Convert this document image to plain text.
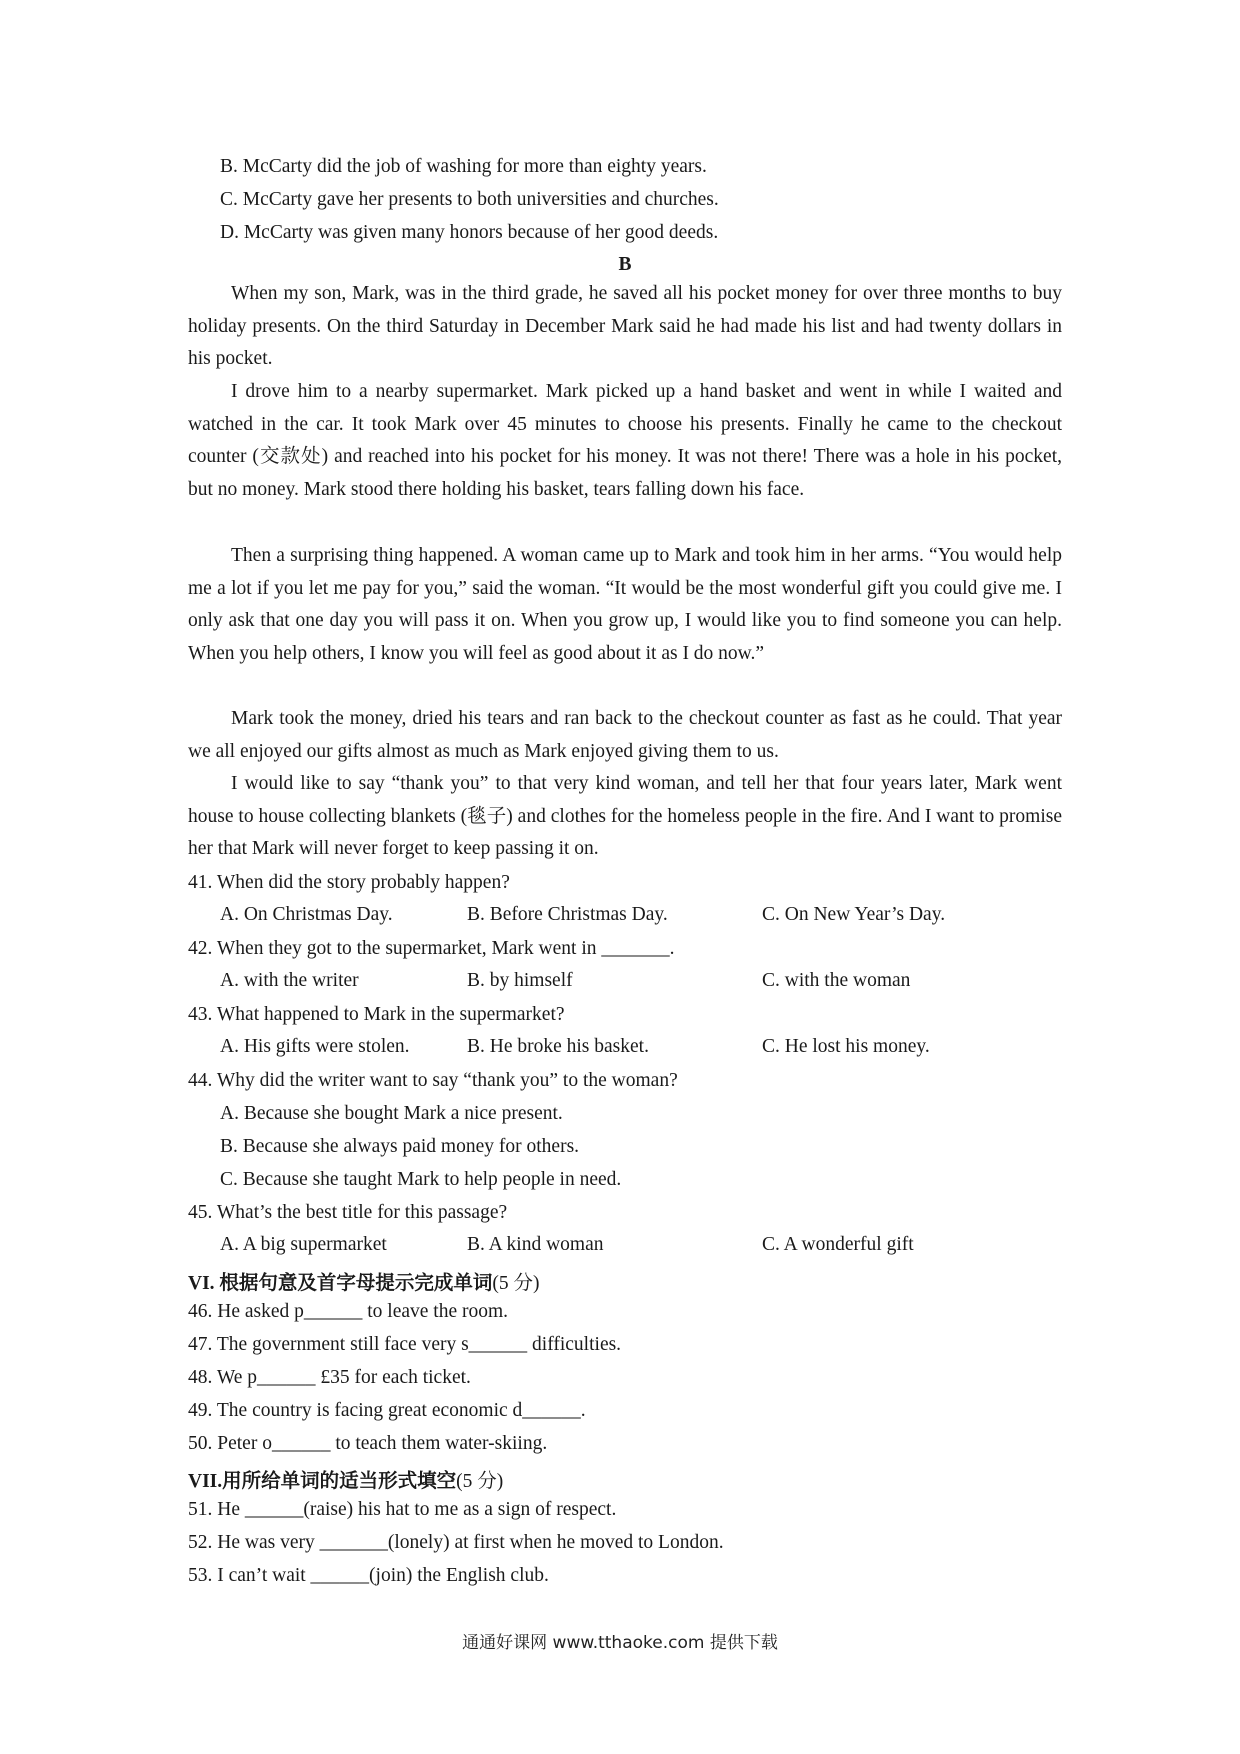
B. McCarty did the job of washing for more than eighty years.
C. McCarty gave her presents to both universities and churches.
D. McCarty was given many honors because of her good deeds.
B
When my son, Mark, was in the third grade, he saved all his pocket money for over three months to buy holiday presents. On the third Saturday in December Mark said he had made his list and had twenty dollars in his pocket.
I drove him to a nearby supermarket. Mark picked up a hand basket and went in while I waited and watched in the car. It took Mark over 45 minutes to choose his presents. Finally he came to the checkout counter (交款处) and reached into his pocket for his money. It was not there! There was a hole in his pocket, but no money. Mark stood there holding his basket, tears falling down his face.
Then a surprising thing happened. A woman came up to Mark and took him in her arms. “You would help me a lot if you let me pay for you,” said the woman. “It would be the most wonderful gift you could give me. I only ask that one day you will pass it on. When you grow up, I would like you to find someone you can help. When you help others, I know you will feel as good about it as I do now.”
Mark took the money, dried his tears and ran back to the checkout counter as fast as he could. That year we all enjoyed our gifts almost as much as Mark enjoyed giving them to us.
I would like to say “thank you” to that very kind woman, and tell her that four years later, Mark went house to house collecting blankets (毯子) and clothes for the homeless people in the fire. And I want to promise her that Mark will never forget to keep passing it on.
41. When did the story probably happen?
A. On Christmas Day.	B. Before Christmas Day.	C. On New Year’s Day.
42. When they got to the supermarket, Mark went in _______.
A. with the writer	B. by himself	C. with the woman
43. What happened to Mark in the supermarket?
A. His gifts were stolen.	B. He broke his basket.	C. He lost his money.
44. Why did the writer want to say “thank you” to the woman?
A. Because she bought Mark a nice present.
B. Because she always paid money for others.
C. Because she taught Mark to help people in need.
45. What’s the best title for this passage?
A. A big supermarket	B. A kind woman	C. A wonderful gift
VI. 根据句意及首字母提示完成单词(5 分)
46. He asked p______ to leave the room.
47. The government still face very s______ difficulties.
48. We p______ £35 for each ticket.
49. The country is facing great economic d______.
50. Peter o______ to teach them water-skiing.
VII.用所给单词的适当形式填空(5 分)
51. He ______(raise) his hat to me as a sign of respect.
52. He was very _______(lonely) at first when he moved to London.
53. I can’t wait ______(join) the English club.
通通好课网 www.tthaoke.com 提供下载
